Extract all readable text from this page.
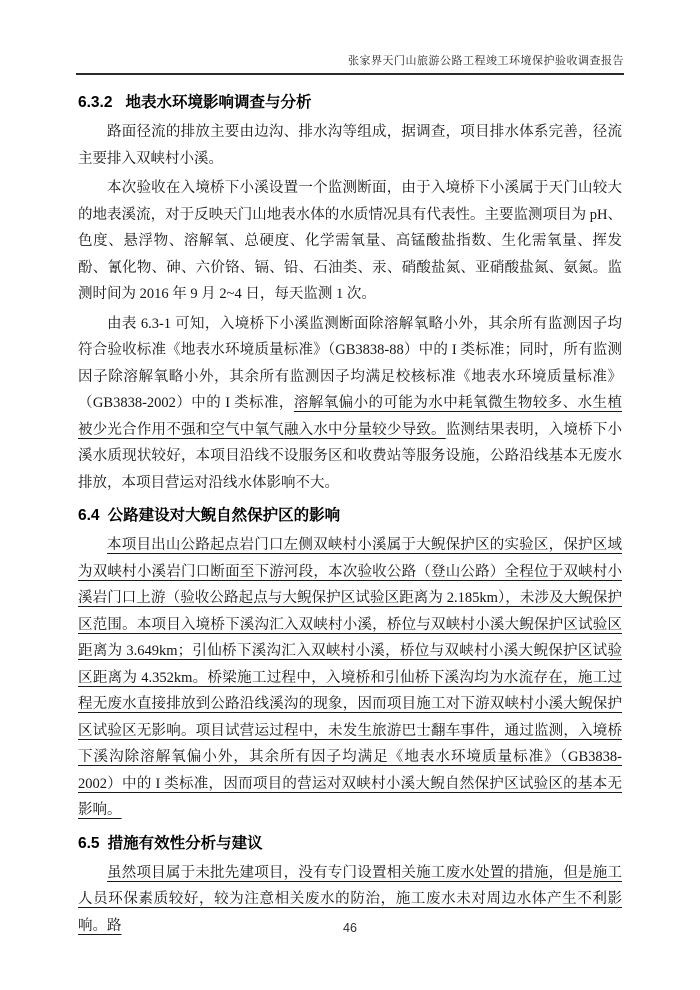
张家界天门山旅游公路工程竣工环境保护验收调查报告
6.3.2 地表水环境影响调查与分析

路面径流的排放主要由边沟、排水沟等组成，据调查，项目排水体系完善，径流主要排入双峡村小溪。

本次验收在入境桥下小溪设置一个监测断面，由于入境桥下小溪属于天门山较大的地表溪流，对于反映天门山地表水体的水质情况具有代表性。主要监测项目为 pH、色度、悬浮物、溶解氧、总硬度、化学需氧量、高锰酸盐指数、生化需氧量、挥发酚、氰化物、砷、六价铬、镉、铅、石油类、汞、硝酸盐氮、亚硝酸盐氮、氨氮。监测时间为 2016 年 9 月 2~4 日，每天监测 1 次。

由表 6.3-1 可知，入境桥下小溪监测断面除溶解氧略小外，其余所有监测因子均符合验收标准《地表水环境质量标准》（GB3838-88）中的 I 类标准；同时，所有监测因子除溶解氧略小外，其余所有监测因子均满足校核标准《地表水环境质量标准》（GB3838-2002）中的 I 类标准，溶解氧偏小的可能为水中耗氧微生物较多、水生植被少光合作用不强和空气中氧气融入水中分量较少导致。监测结果表明，入境桥下小溪水质现状较好，本项目沿线不设服务区和收费站等服务设施，公路沿线基本无废水排放，本项目营运对沿线水体影响不大。

6.4 公路建设对大鲵自然保护区的影响

本项目出山公路起点岩门口左侧双峡村小溪属于大鲵保护区的实验区，保护区域为双峡村小溪岩门口断面至下游河段，本次验收公路（登山公路）全程位于双峡村小溪岩门口上游（验收公路起点与大鲵保护区试验区距离为 2.185km），未涉及大鲵保护区范围。本项目入境桥下溪沟汇入双峡村小溪，桥位与双峡村小溪大鲵保护区试验区距离为 3.649km；引仙桥下溪沟汇入双峡村小溪，桥位与双峡村小溪大鲵保护区试验区距离为 4.352km。桥梁施工过程中，入境桥和引仙桥下溪沟均为水流存在，施工过程无废水直接排放到公路沿线溪沟的现象，因而项目施工对下游双峡村小溪大鲵保护区试验区无影响。项目试营运过程中，未发生旅游巴士翻车事件，通过监测，入境桥下溪沟除溶解氧偏小外，其余所有因子均满足《地表水环境质量标准》（GB3838-2002）中的 I 类标准，因而项目的营运对双峡村小溪大鲵自然保护区试验区的基本无影响。

6.5 措施有效性分析与建议

虽然项目属于未批先建项目，没有专门设置相关施工废水处置的措施，但是施工人员环保素质较好，较为注意相关废水的防治，施工废水未对周边水体产生不利影响。路	46
